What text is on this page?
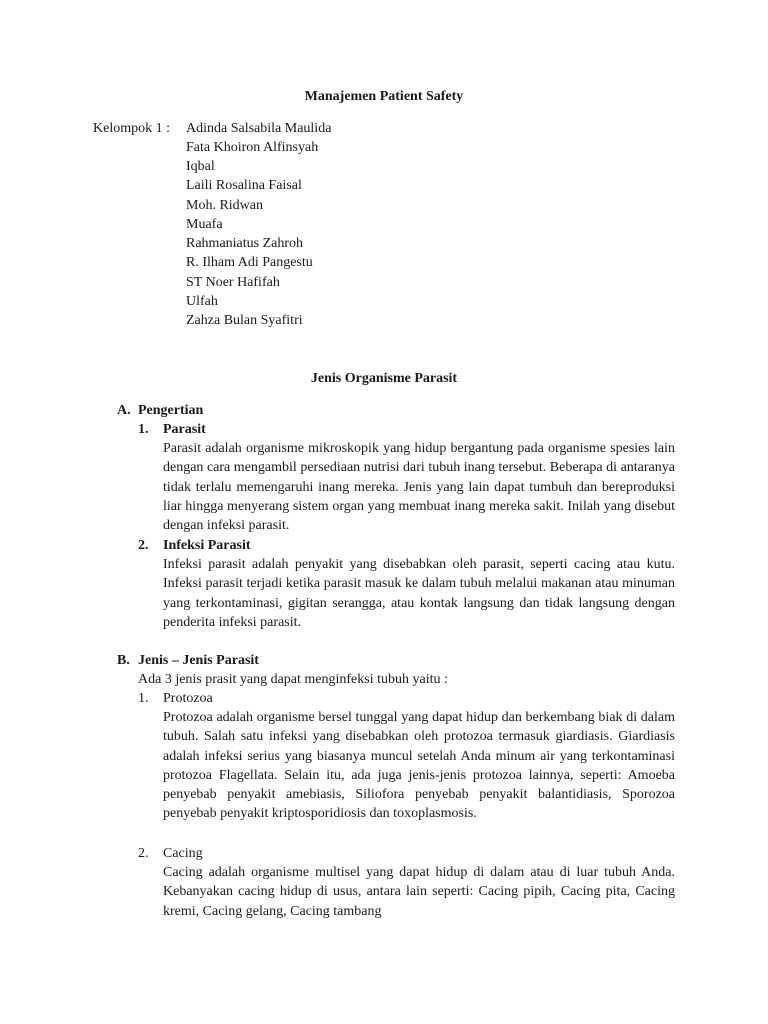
Manajemen Patient Safety
Kelompok 1 : Adinda Salsabila Maulida
Fata Khoiron Alfinsyah
Iqbal
Laili Rosalina Faisal
Moh. Ridwan
Muafa
Rahmaniatus Zahroh
R. Ilham Adi Pangestu
ST Noer Hafifah
Ulfah
Zahza Bulan Syafitri
Jenis Organisme Parasit
A. Pengertian
1. Parasit
Parasit adalah organisme mikroskopik yang hidup bergantung pada organisme spesies lain dengan cara mengambil persediaan nutrisi dari tubuh inang tersebut. Beberapa di antaranya tidak terlalu memengaruhi inang mereka. Jenis yang lain dapat tumbuh dan bereproduksi liar hingga menyerang sistem organ yang membuat inang mereka sakit. Inilah yang disebut dengan infeksi parasit.
2. Infeksi Parasit
Infeksi parasit adalah penyakit yang disebabkan oleh parasit, seperti cacing atau kutu. Infeksi parasit terjadi ketika parasit masuk ke dalam tubuh melalui makanan atau minuman yang terkontaminasi, gigitan serangga, atau kontak langsung dan tidak langsung dengan penderita infeksi parasit.
B. Jenis – Jenis Parasit
Ada 3 jenis prasit yang dapat menginfeksi tubuh yaitu :
1. Protozoa
Protozoa adalah organisme bersel tunggal yang dapat hidup dan berkembang biak di dalam tubuh. Salah satu infeksi yang disebabkan oleh protozoa termasuk giardiasis. Giardiasis adalah infeksi serius yang biasanya muncul setelah Anda minum air yang terkontaminasi protozoa Flagellata. Selain itu, ada juga jenis-jenis protozoa lainnya, seperti: Amoeba penyebab penyakit amebiasis, Siliofora penyebab penyakit balantidiasis, Sporozoa penyebab penyakit kriptosporidiosis dan toxoplasmosis.
2. Cacing
Cacing adalah organisme multisel yang dapat hidup di dalam atau di luar tubuh Anda. Kebanyakan cacing hidup di usus, antara lain seperti: Cacing pipih, Cacing pita, Cacing kremi, Cacing gelang, Cacing tambang
